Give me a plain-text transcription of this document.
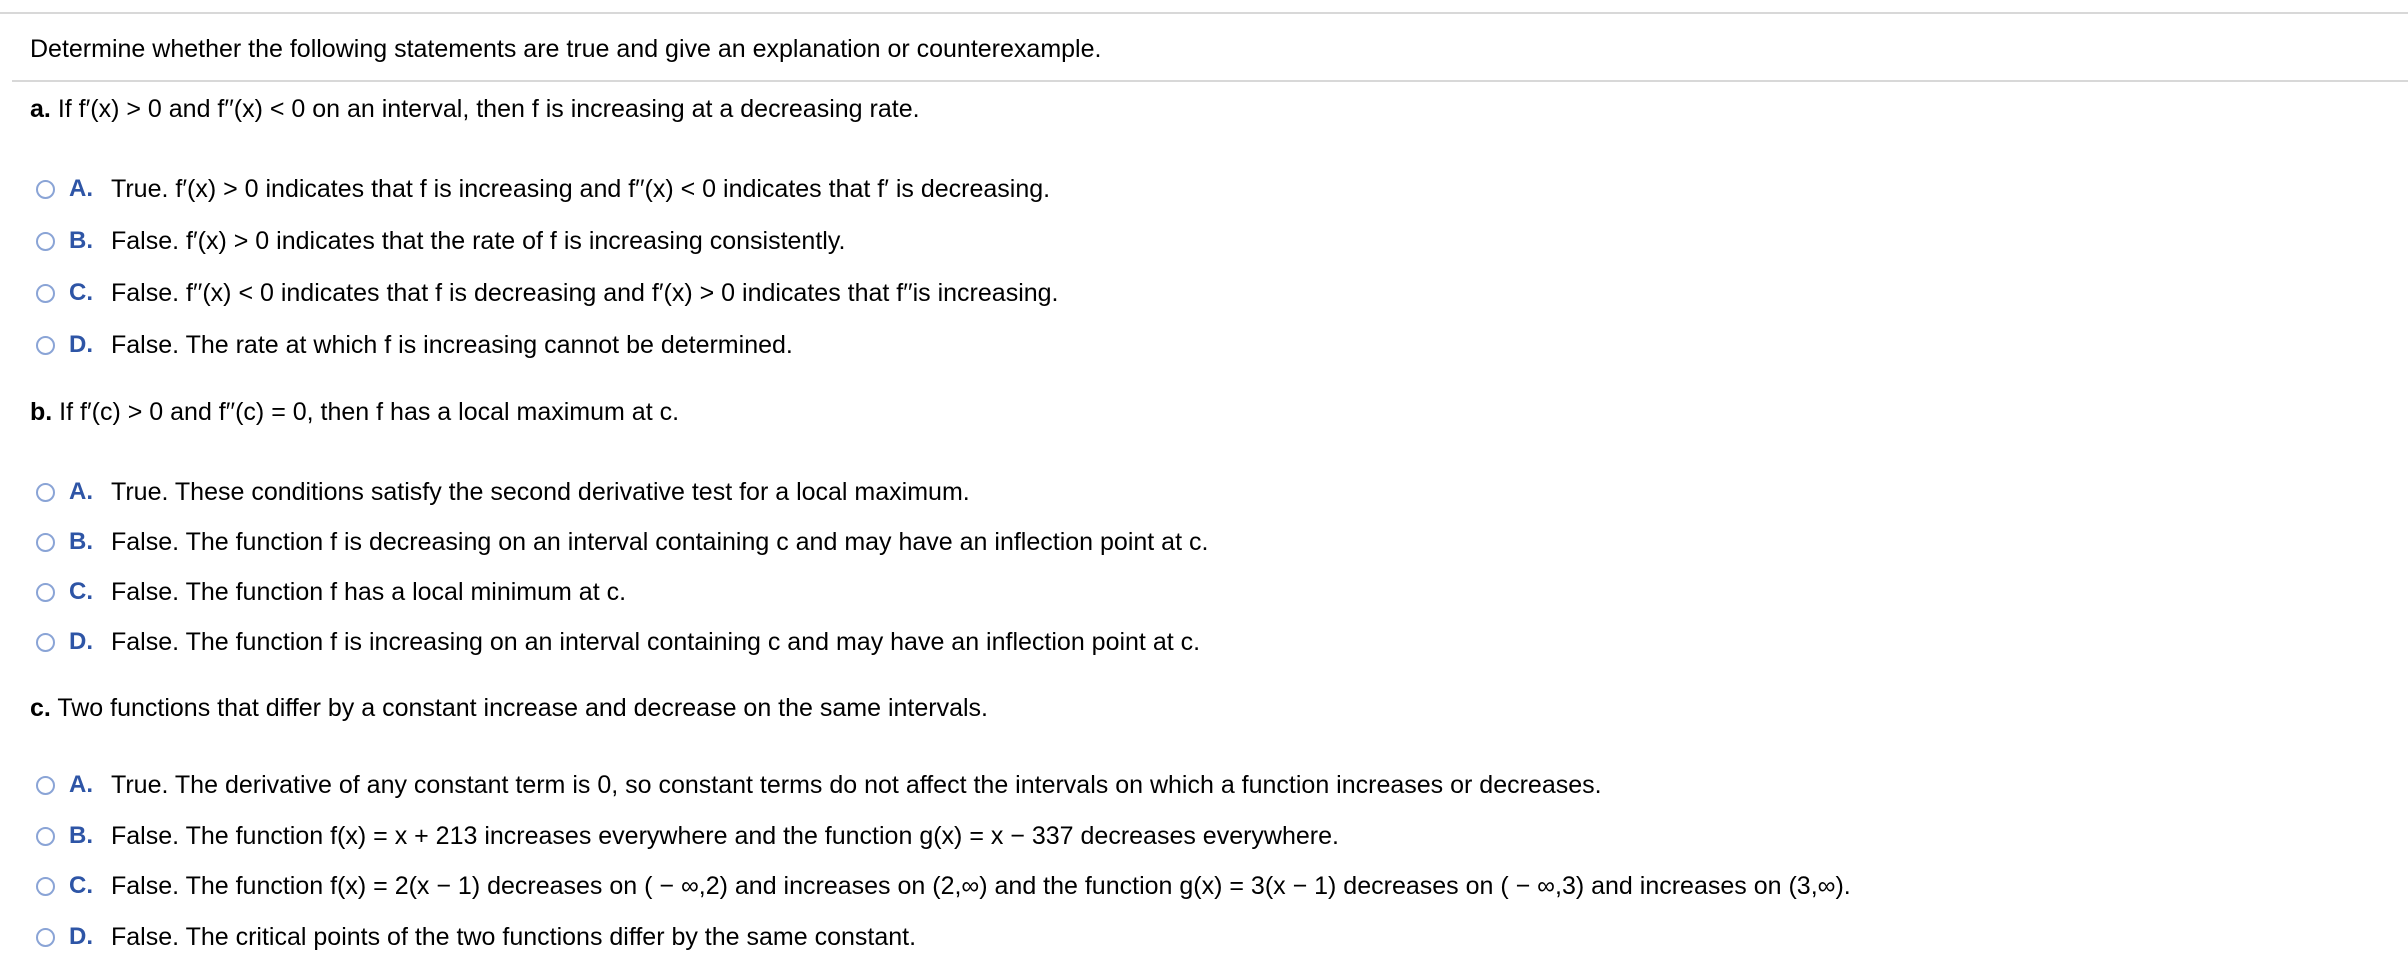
Determine whether the following statements are true and give an explanation or counterexample.
a. If f′(x) > 0 and f′′(x) < 0 on an interval, then f is increasing at a decreasing rate.
A. True. f′(x) > 0 indicates that f is increasing and f′′(x) < 0 indicates that f′ is decreasing.
B. False. f′(x) > 0 indicates that the rate of f is increasing consistently.
C. False. f′′(x) < 0 indicates that f is decreasing and f′(x) > 0 indicates that f′′is increasing.
D. False. The rate at which f is increasing cannot be determined.
b. If f′(c) > 0 and f′′(c) = 0, then f has a local maximum at c.
A. True. These conditions satisfy the second derivative test for a local maximum.
B. False. The function f is decreasing on an interval containing c and may have an inflection point at c.
C. False. The function f has a local minimum at c.
D. False. The function f is increasing on an interval containing c and may have an inflection point at c.
c. Two functions that differ by a constant increase and decrease on the same intervals.
A. True. The derivative of any constant term is 0, so constant terms do not affect the intervals on which a function increases or decreases.
B. False. The function f(x) = x + 213 increases everywhere and the function g(x) = x − 337 decreases everywhere.
C. False. The function f(x) = 2(x − 1) decreases on ( − ∞,2) and increases on (2,∞) and the function g(x) = 3(x − 1) decreases on ( − ∞,3) and increases on (3,∞).
D. False. The critical points of the two functions differ by the same constant.
